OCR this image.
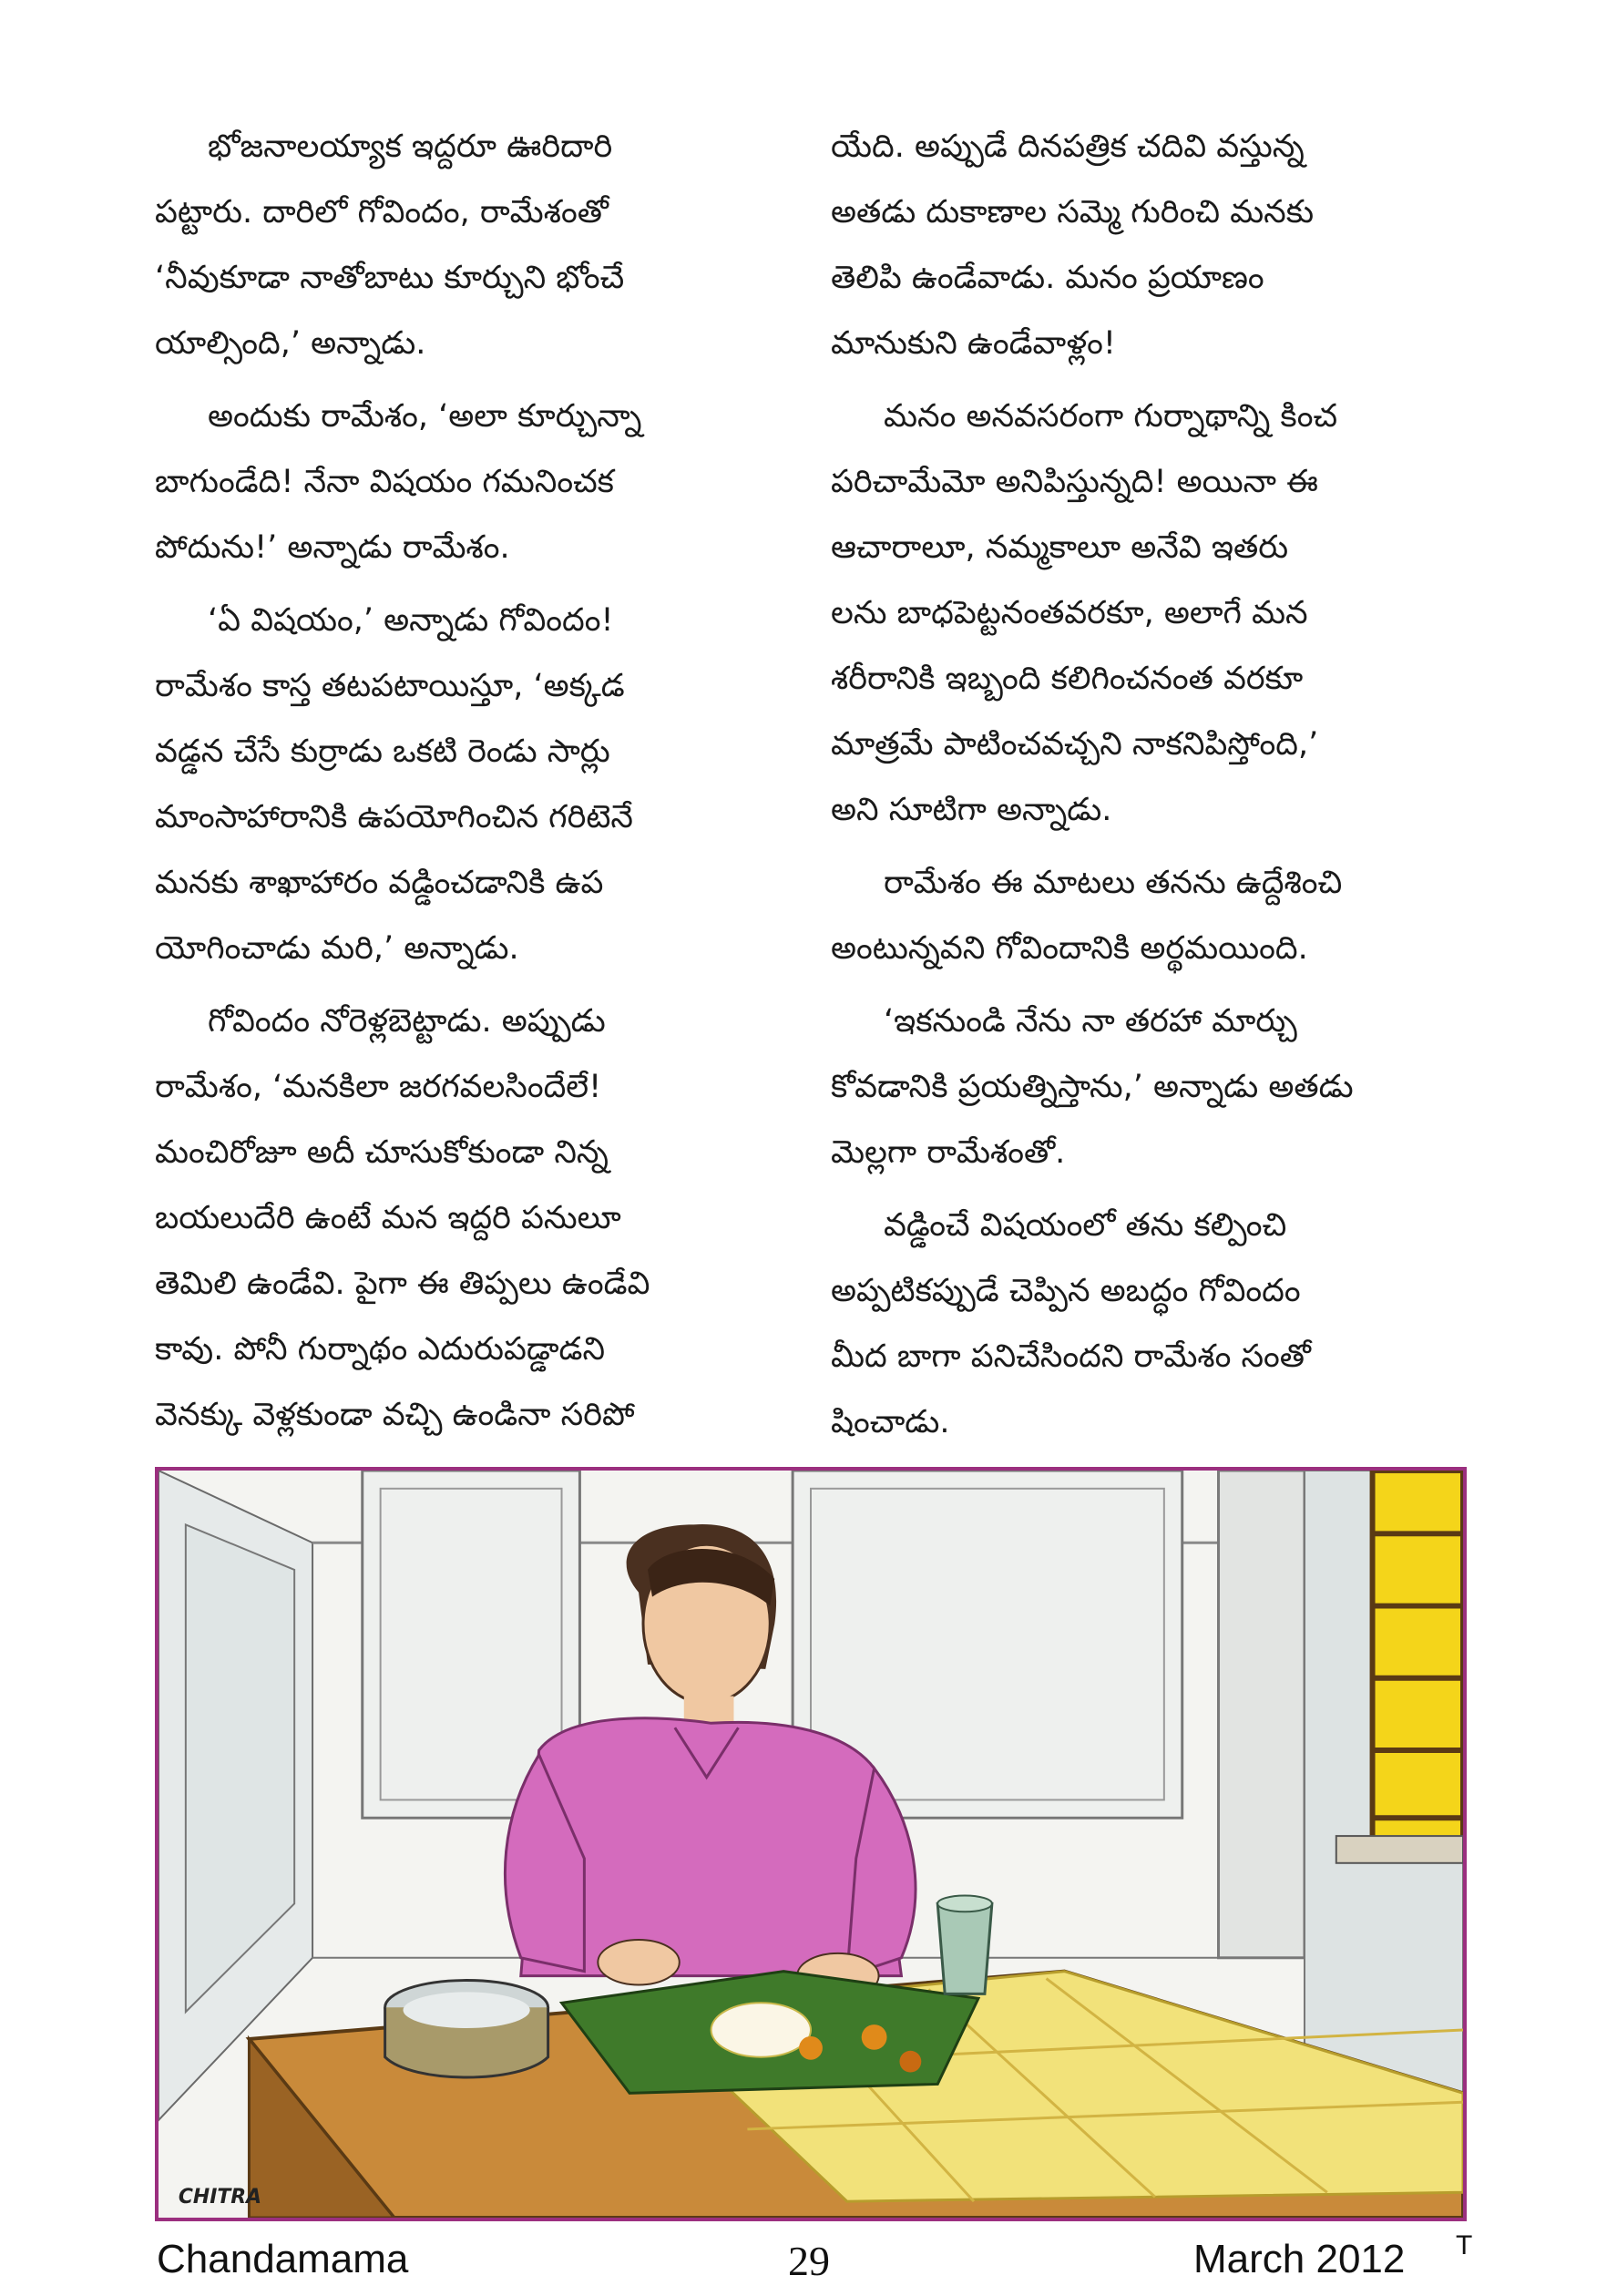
భోజనాలయ్యాక ఇద్దరూ ఊరిదారి

పట్టారు. దారిలో గోవిందం, రామేశంతో
‘నీవుకూడా నాతోబాటు కూర్చుని భోంచే
యాల్సింది,’ అన్నాడు.

అందుకు రామేశం, ‘అలా కూర్చున్నా

బాగుండేది! నేనా విషయం గమనించక
పోదును!’ అన్నాడు రామేశం.

‘ఏ విషయం,’ అన్నాడు గోవిందం!

రామేశం కాస్త తటపటాయిస్తూ, ‘అక్కడ
వడ్డన చేసే కుర్రాడు ఒకటి రెండు సార్లు
మాంసాహారానికి ఉపయోగించిన గరిటెనే
మనకు శాఖాహారం వడ్డించడానికి ఉప
యోగించాడు మరి,’ అన్నాడు.

గోవిందం నోరెళ్లబెట్టాడు. అప్పుడు

రామేశం, ‘మనకిలా జరగవలసిందేలే!
మంచిరోజూ అదీ చూసుకోకుండా నిన్న
బయలుదేరి ఉంటే మన ఇద్దరి పనులూ
తెమిలి ఉండేవి. పైగా ఈ తిప్పలు ఉండేవి
కావు. పోనీ గుర్నాథం ఎదురుపడ్డాడని
వెనక్కు వెళ్లకుండా వచ్చి ఉండినా సరిపో

యేది. అప్పుడే దినపత్రిక చదివి వస్తున్న
అతడు దుకాణాల సమ్మె గురించి మనకు
తెలిపి ఉండేవాడు. మనం ప్రయాణం
మానుకుని ఉండేవాళ్లం!

మనం అనవసరంగా గుర్నాథాన్ని కించ

పరిచామేమో అనిపిస్తున్నది! అయినా ఈ
ఆచారాలూ, నమ్మకాలూ అనేవి ఇతరు
లను బాధపెట్టనంతవరకూ, అలాగే మన
శరీరానికి ఇబ్బంది కలిగించనంత వరకూ
మాత్రమే పాటించవచ్చని నాకనిపిస్తోంది,’
అని సూటిగా అన్నాడు.

రామేశం ఈ మాటలు తనను ఉద్దేశించి

అంటున్నవని గోవిందానికి అర్థమయింది.

‘ఇకనుండి నేను నా తరహా మార్చు

కోవడానికి ప్రయత్నిస్తాను,’ అన్నాడు అతడు
మెల్లగా రామేశంతో.

వడ్డించే విషయంలో తను కల్పించి

అప్పటికప్పుడే చెప్పిన అబద్ధం గోవిందం
మీద బాగా పనిచేసిందని రామేశం సంతో
షించాడు.

CHITRA
Chandamama	29	March 2012 T
